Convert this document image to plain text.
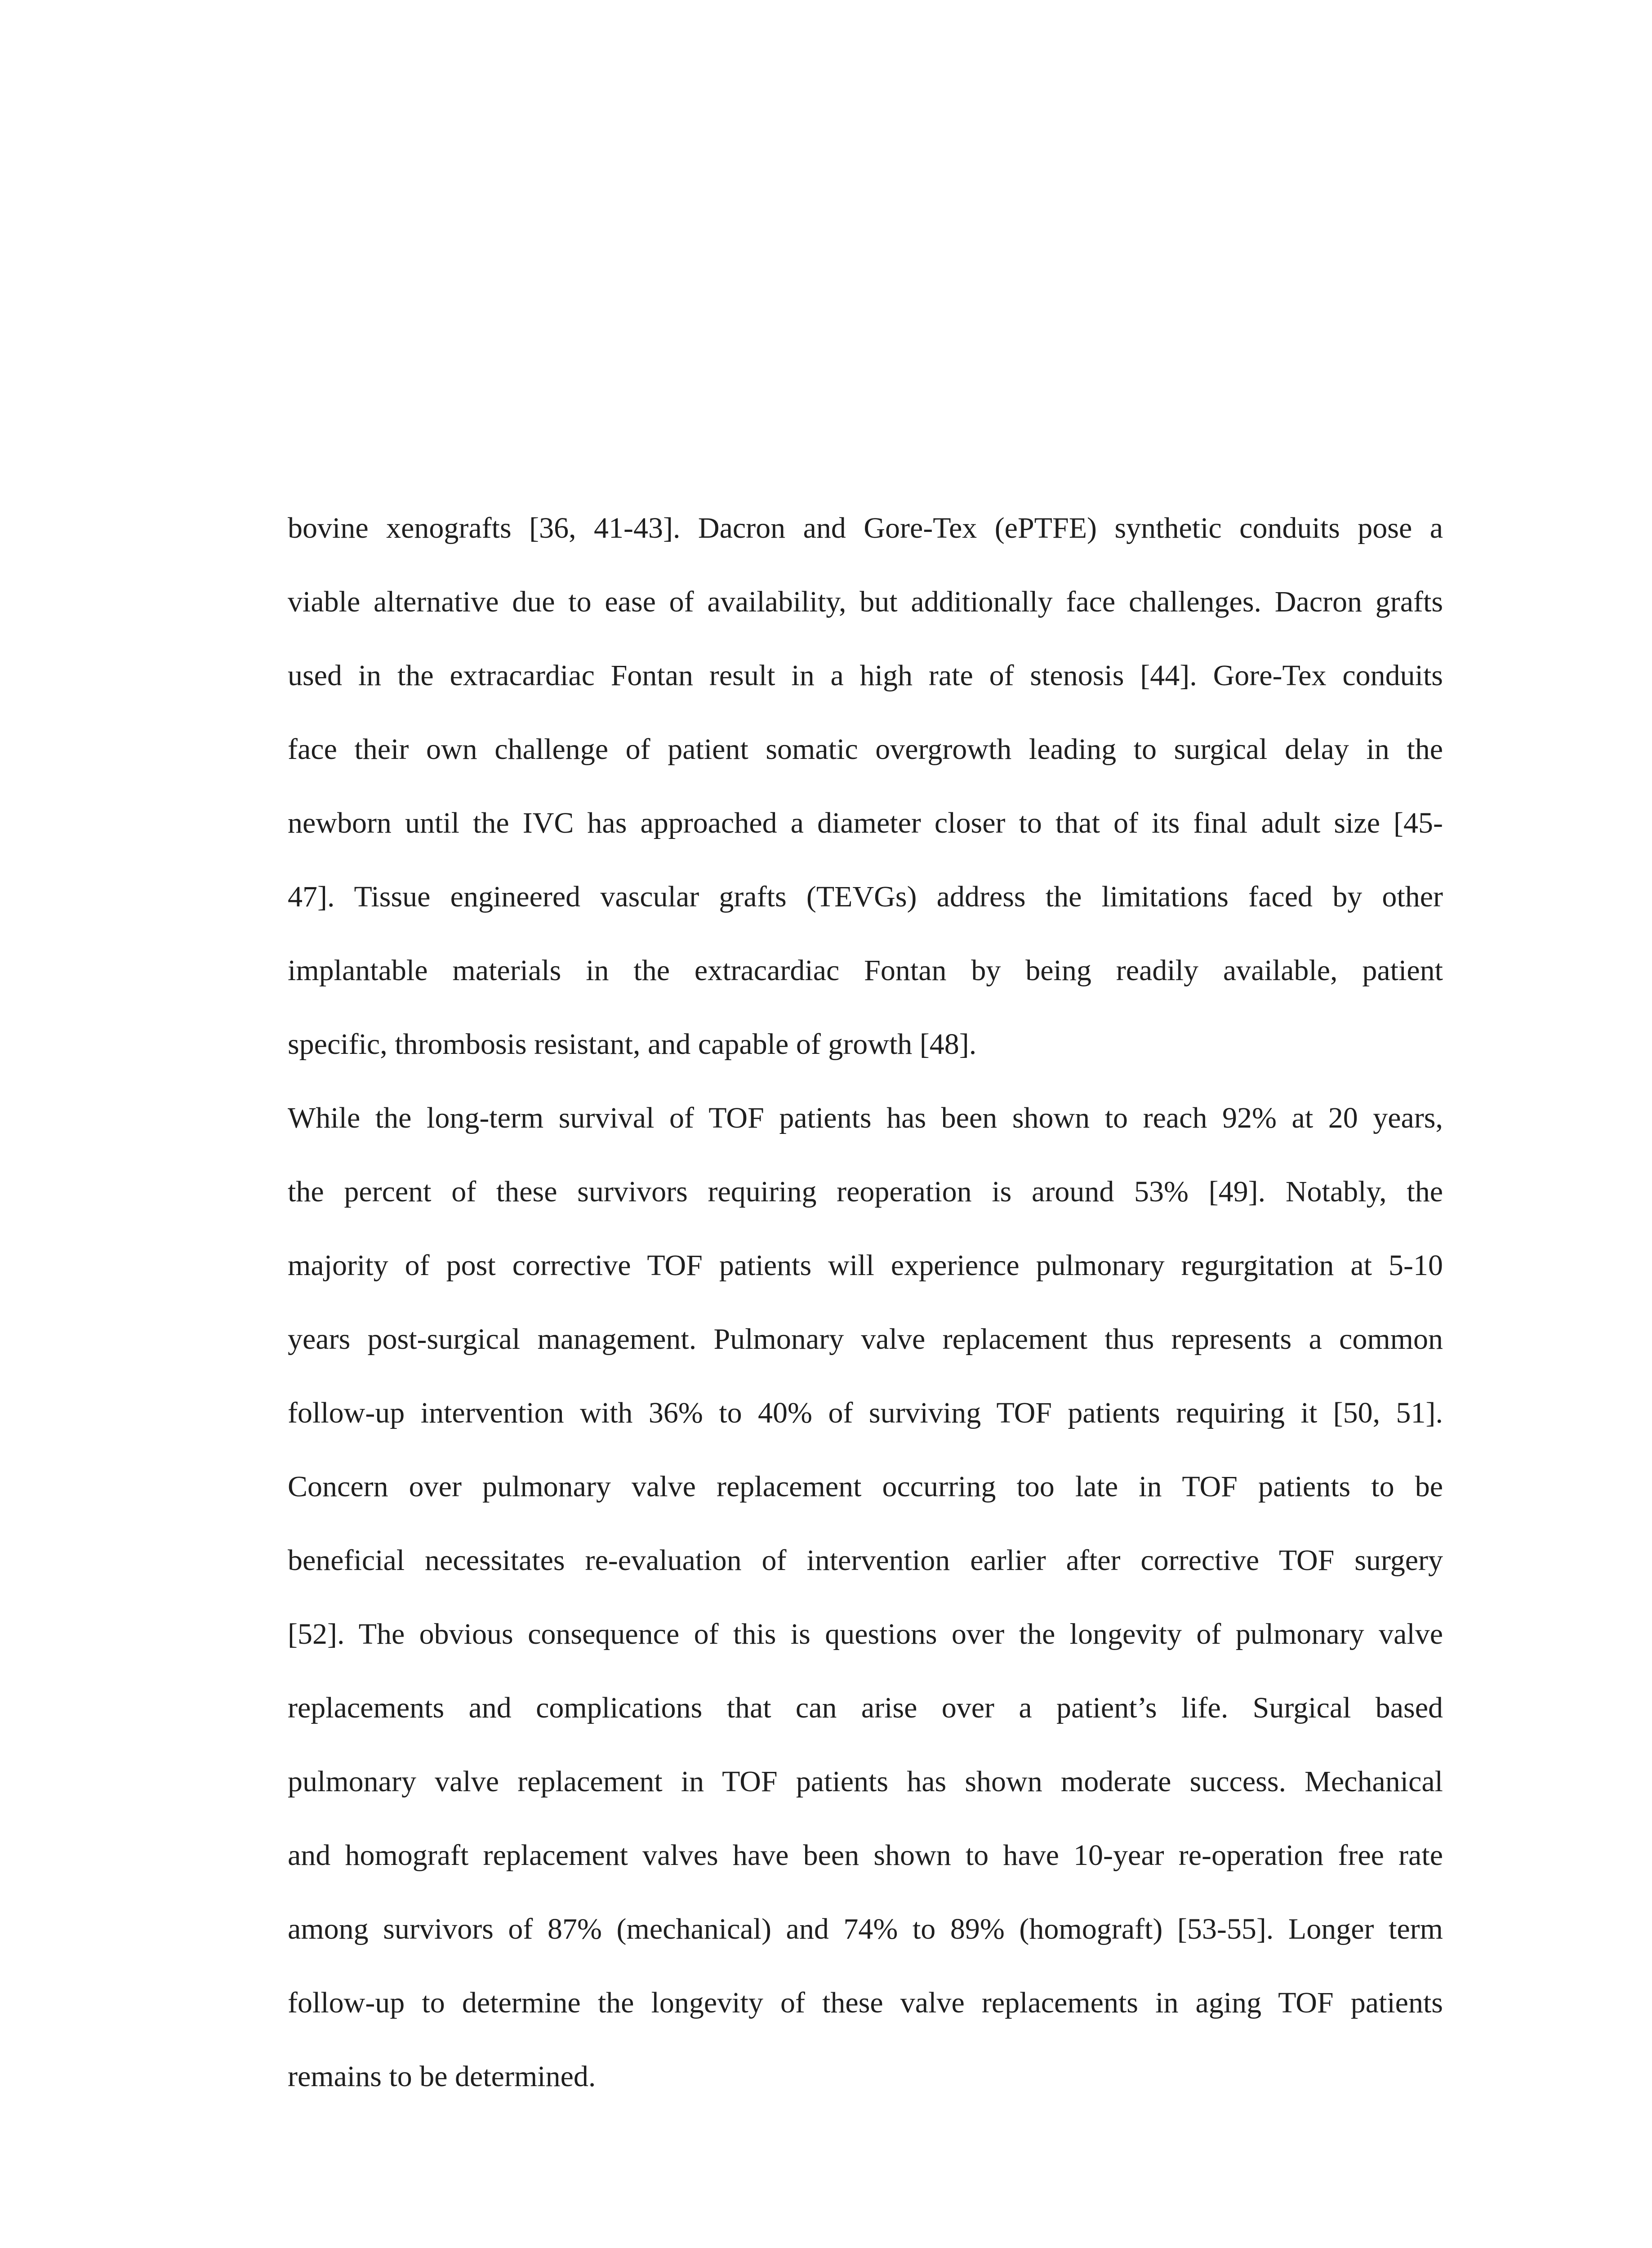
bovine xenografts [36, 41-43]. Dacron and Gore-Tex (ePTFE) synthetic conduits pose a
viable alternative due to ease of availability, but additionally face challenges. Dacron grafts
used in the extracardiac Fontan result in a high rate of stenosis [44]. Gore-Tex conduits
face their own challenge of patient somatic overgrowth leading to surgical delay in the
newborn until the IVC has approached a diameter closer to that of its final adult size [45-
47]. Tissue engineered vascular grafts (TEVGs) address the limitations faced by other
implantable materials in the extracardiac Fontan by being readily available, patient
specific, thrombosis resistant, and capable of growth [48].
While the long-term survival of TOF patients has been shown to reach 92% at 20 years,
the percent of these survivors requiring reoperation is around 53% [49]. Notably, the
majority of post corrective TOF patients will experience pulmonary regurgitation at 5-10
years post-surgical management. Pulmonary valve replacement thus represents a common
follow-up intervention with 36% to 40% of surviving TOF patients requiring it [50, 51].
Concern over pulmonary valve replacement occurring too late in TOF patients to be
beneficial necessitates re-evaluation of intervention earlier after corrective TOF surgery
[52]. The obvious consequence of this is questions over the longevity of pulmonary valve
replacements and complications that can arise over a patient’s life. Surgical based
pulmonary valve replacement in TOF patients has shown moderate success. Mechanical
and homograft replacement valves have been shown to have 10-year re-operation free rate
among survivors of 87% (mechanical) and 74% to 89% (homograft) [53-55]. Longer term
follow-up to determine the longevity of these valve replacements in aging TOF patients
remains to be determined.
